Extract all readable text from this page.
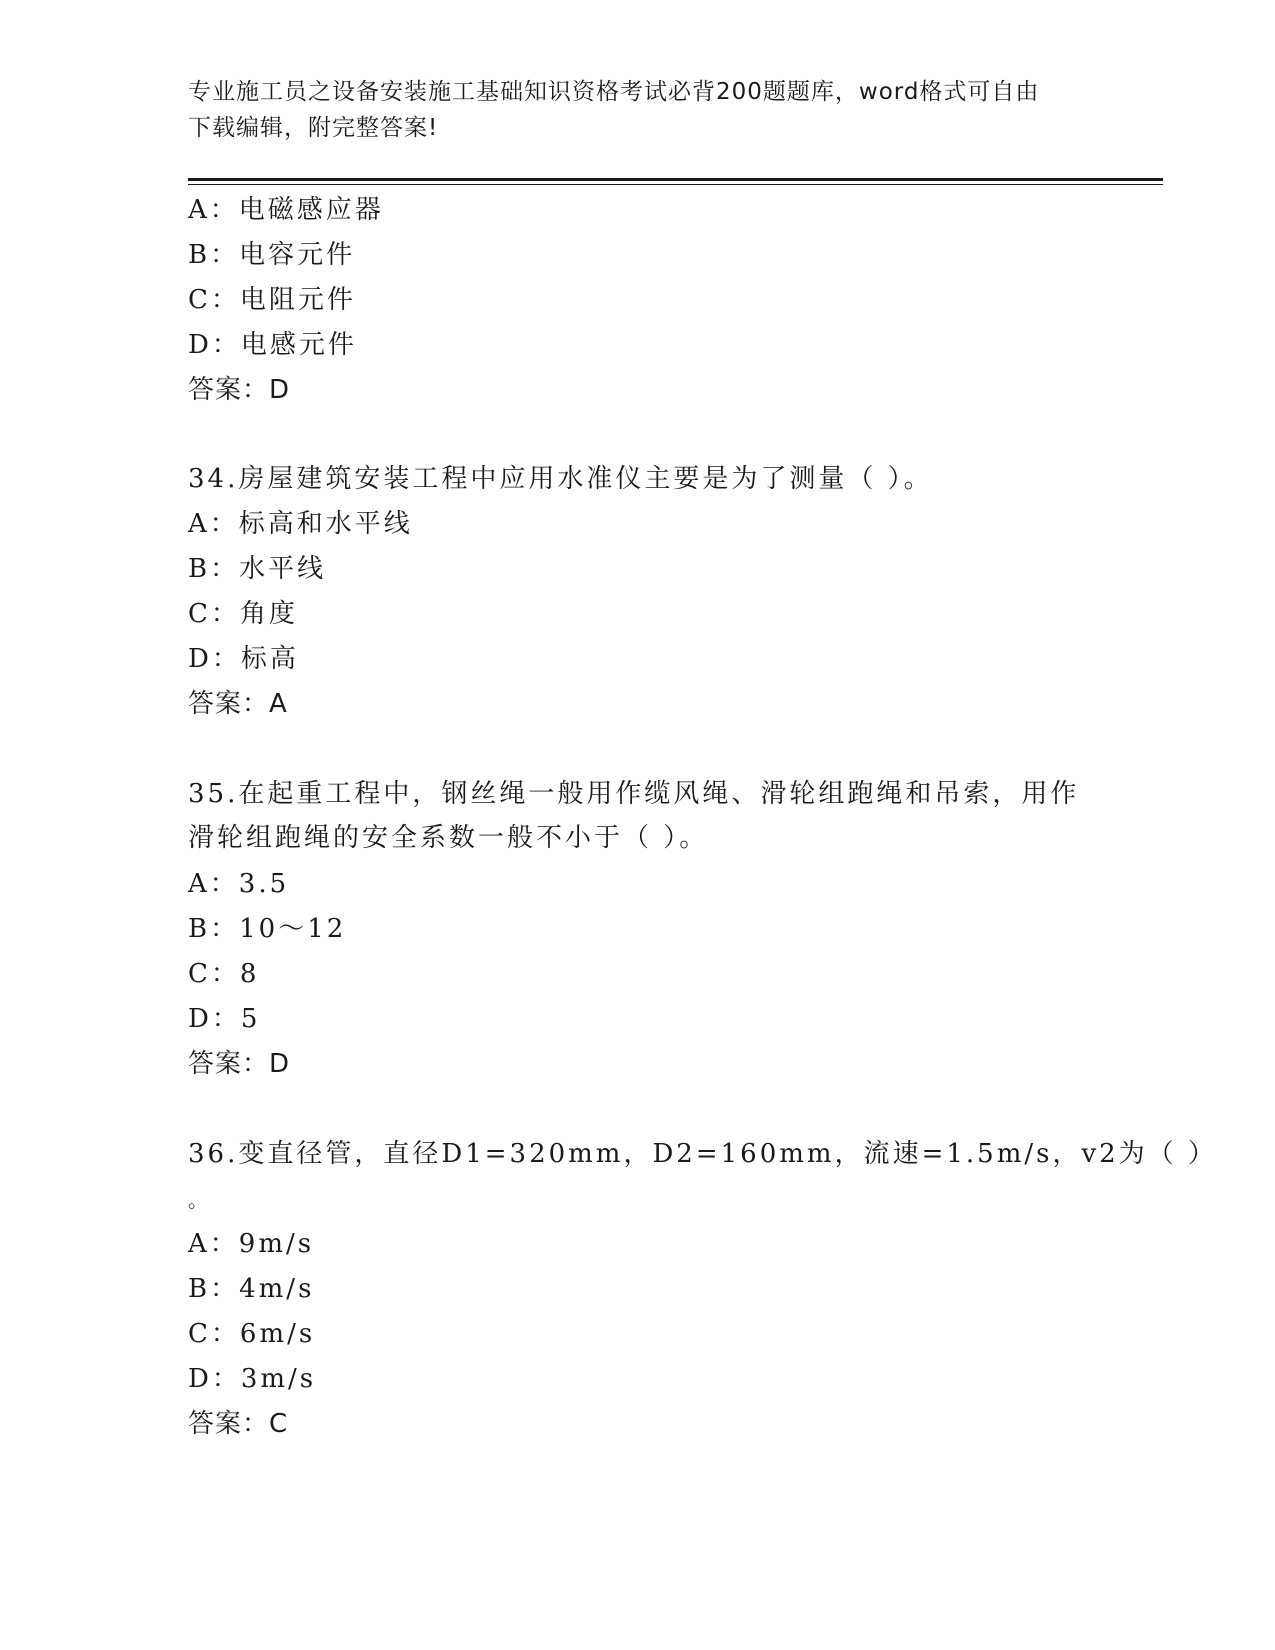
专业施工员之设备安装施工基础知识资格考试必背200题题库，word格式可自由
下载编辑，附完整答案!
A：电磁感应器
B：电容元件
C：电阻元件
D：电感元件
答案：D
34.房屋建筑安装工程中应用水准仪主要是为了测量（ ）。
A：标高和水平线
B：水平线
C：角度
D：标高
答案：A
35.在起重工程中，钢丝绳一般用作缆风绳、滑轮组跑绳和吊索，用作
滑轮组跑绳的安全系数一般不小于（ ）。
A：3.5
B：10～12
C：8
D：5
答案：D
36.变直径管，直径D1=320mm，D2=160mm，流速=1.5m/s，v2为（ ）
。
A：9m/s
B：4m/s
C：6m/s
D：3m/s
答案：C
